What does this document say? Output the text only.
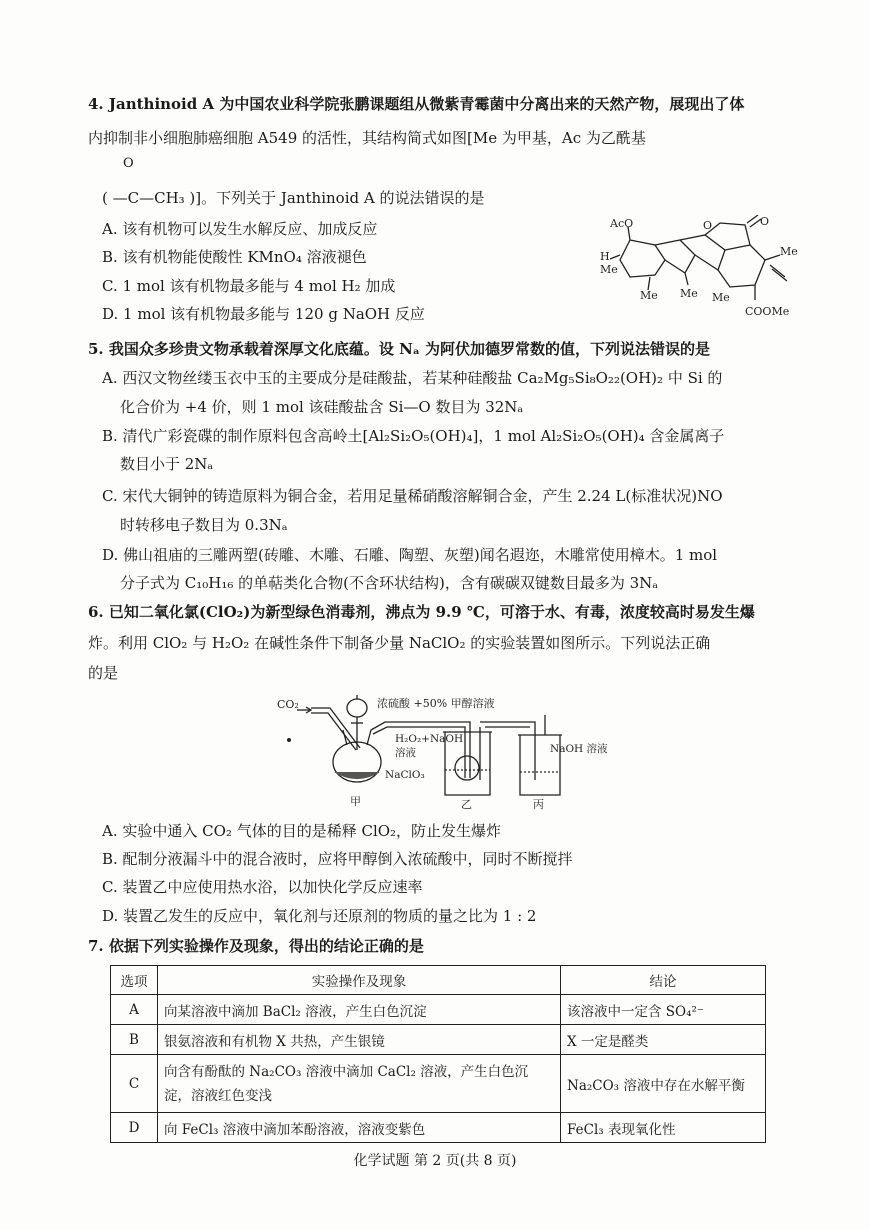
4. Janthinoid A 为中国农业科学院张鹏课题组从微紫青霉菌中分离出来的天然产物，展现出了体
内抑制非小细胞肺癌细胞 A549 的活性，其结构简式如图[Me 为甲基，Ac 为乙酰基
O
( —C—CH₃ )]。下列关于 Janthinoid A 的说法错误的是
A. 该有机物可以发生水解反应、加成反应
B. 该有机物能使酸性 KMnO₄ 溶液褪色
C. 1 mol 该有机物最多能与 4 mol H₂ 加成
D. 1 mol 该有机物最多能与 120 g NaOH 反应
AcO
H
Me
Me Me Me
Me
O	O
COOMe
5. 我国众多珍贵文物承载着深厚文化底蕴。设 Nₐ 为阿伏加德罗常数的值，下列说法错误的是
A. 西汉文物丝缕玉衣中玉的主要成分是硅酸盐，若某种硅酸盐 Ca₂Mg₅Si₈O₂₂(OH)₂ 中 Si 的
化合价为 +4 价，则 1 mol 该硅酸盐含 Si—O 数目为 32Nₐ
B. 清代广彩瓷碟的制作原料包含高岭土[Al₂Si₂O₅(OH)₄]，1 mol Al₂Si₂O₅(OH)₄ 含金属离子
数目小于 2Nₐ
C. 宋代大铜钟的铸造原料为铜合金，若用足量稀硝酸溶解铜合金，产生 2.24 L(标准状况)NO
时转移电子数目为 0.3Nₐ
D. 佛山祖庙的三雕两塑(砖雕、木雕、石雕、陶塑、灰塑)闻名遐迩，木雕常使用樟木。1 mol
分子式为 C₁₀H₁₆ 的单萜类化合物(不含环状结构)，含有碳碳双键数目最多为 3Nₐ
6. 已知二氧化氯(ClO₂)为新型绿色消毒剂，沸点为 9.9 ℃，可溶于水、有毒，浓度较高时易发生爆
炸。利用 ClO₂ 与 H₂O₂ 在碱性条件下制备少量 NaClO₂ 的实验装置如图所示。下列说法正确
的是
CO₂	浓硫酸 +50% 甲醇溶液
H₂O₂+NaOH
溶液
NaClO₃
NaOH 溶液
甲	乙	丙
A. 实验中通入 CO₂ 气体的目的是稀释 ClO₂，防止发生爆炸
B. 配制分液漏斗中的混合液时，应将甲醇倒入浓硫酸中，同时不断搅拌
C. 装置乙中应使用热水浴，以加快化学反应速率
D. 装置乙发生的反应中，氧化剂与还原剂的物质的量之比为 1 : 2
7. 依据下列实验操作及现象，得出的结论正确的是
选项	实验操作及现象	结论
A	向某溶液中滴加 BaCl₂ 溶液，产生白色沉淀	该溶液中一定含 SO₄²⁻
B	银氨溶液和有机物 X 共热，产生银镜	X 一定是醛类
C	向含有酚酞的 Na₂CO₃ 溶液中滴加 CaCl₂ 溶液，产生白色沉淀，溶液红色变浅	Na₂CO₃ 溶液中存在水解平衡
D	向 FeCl₃ 溶液中滴加苯酚溶液，溶液变紫色	FeCl₃ 表现氧化性
化学试题 第 2 页(共 8 页)
